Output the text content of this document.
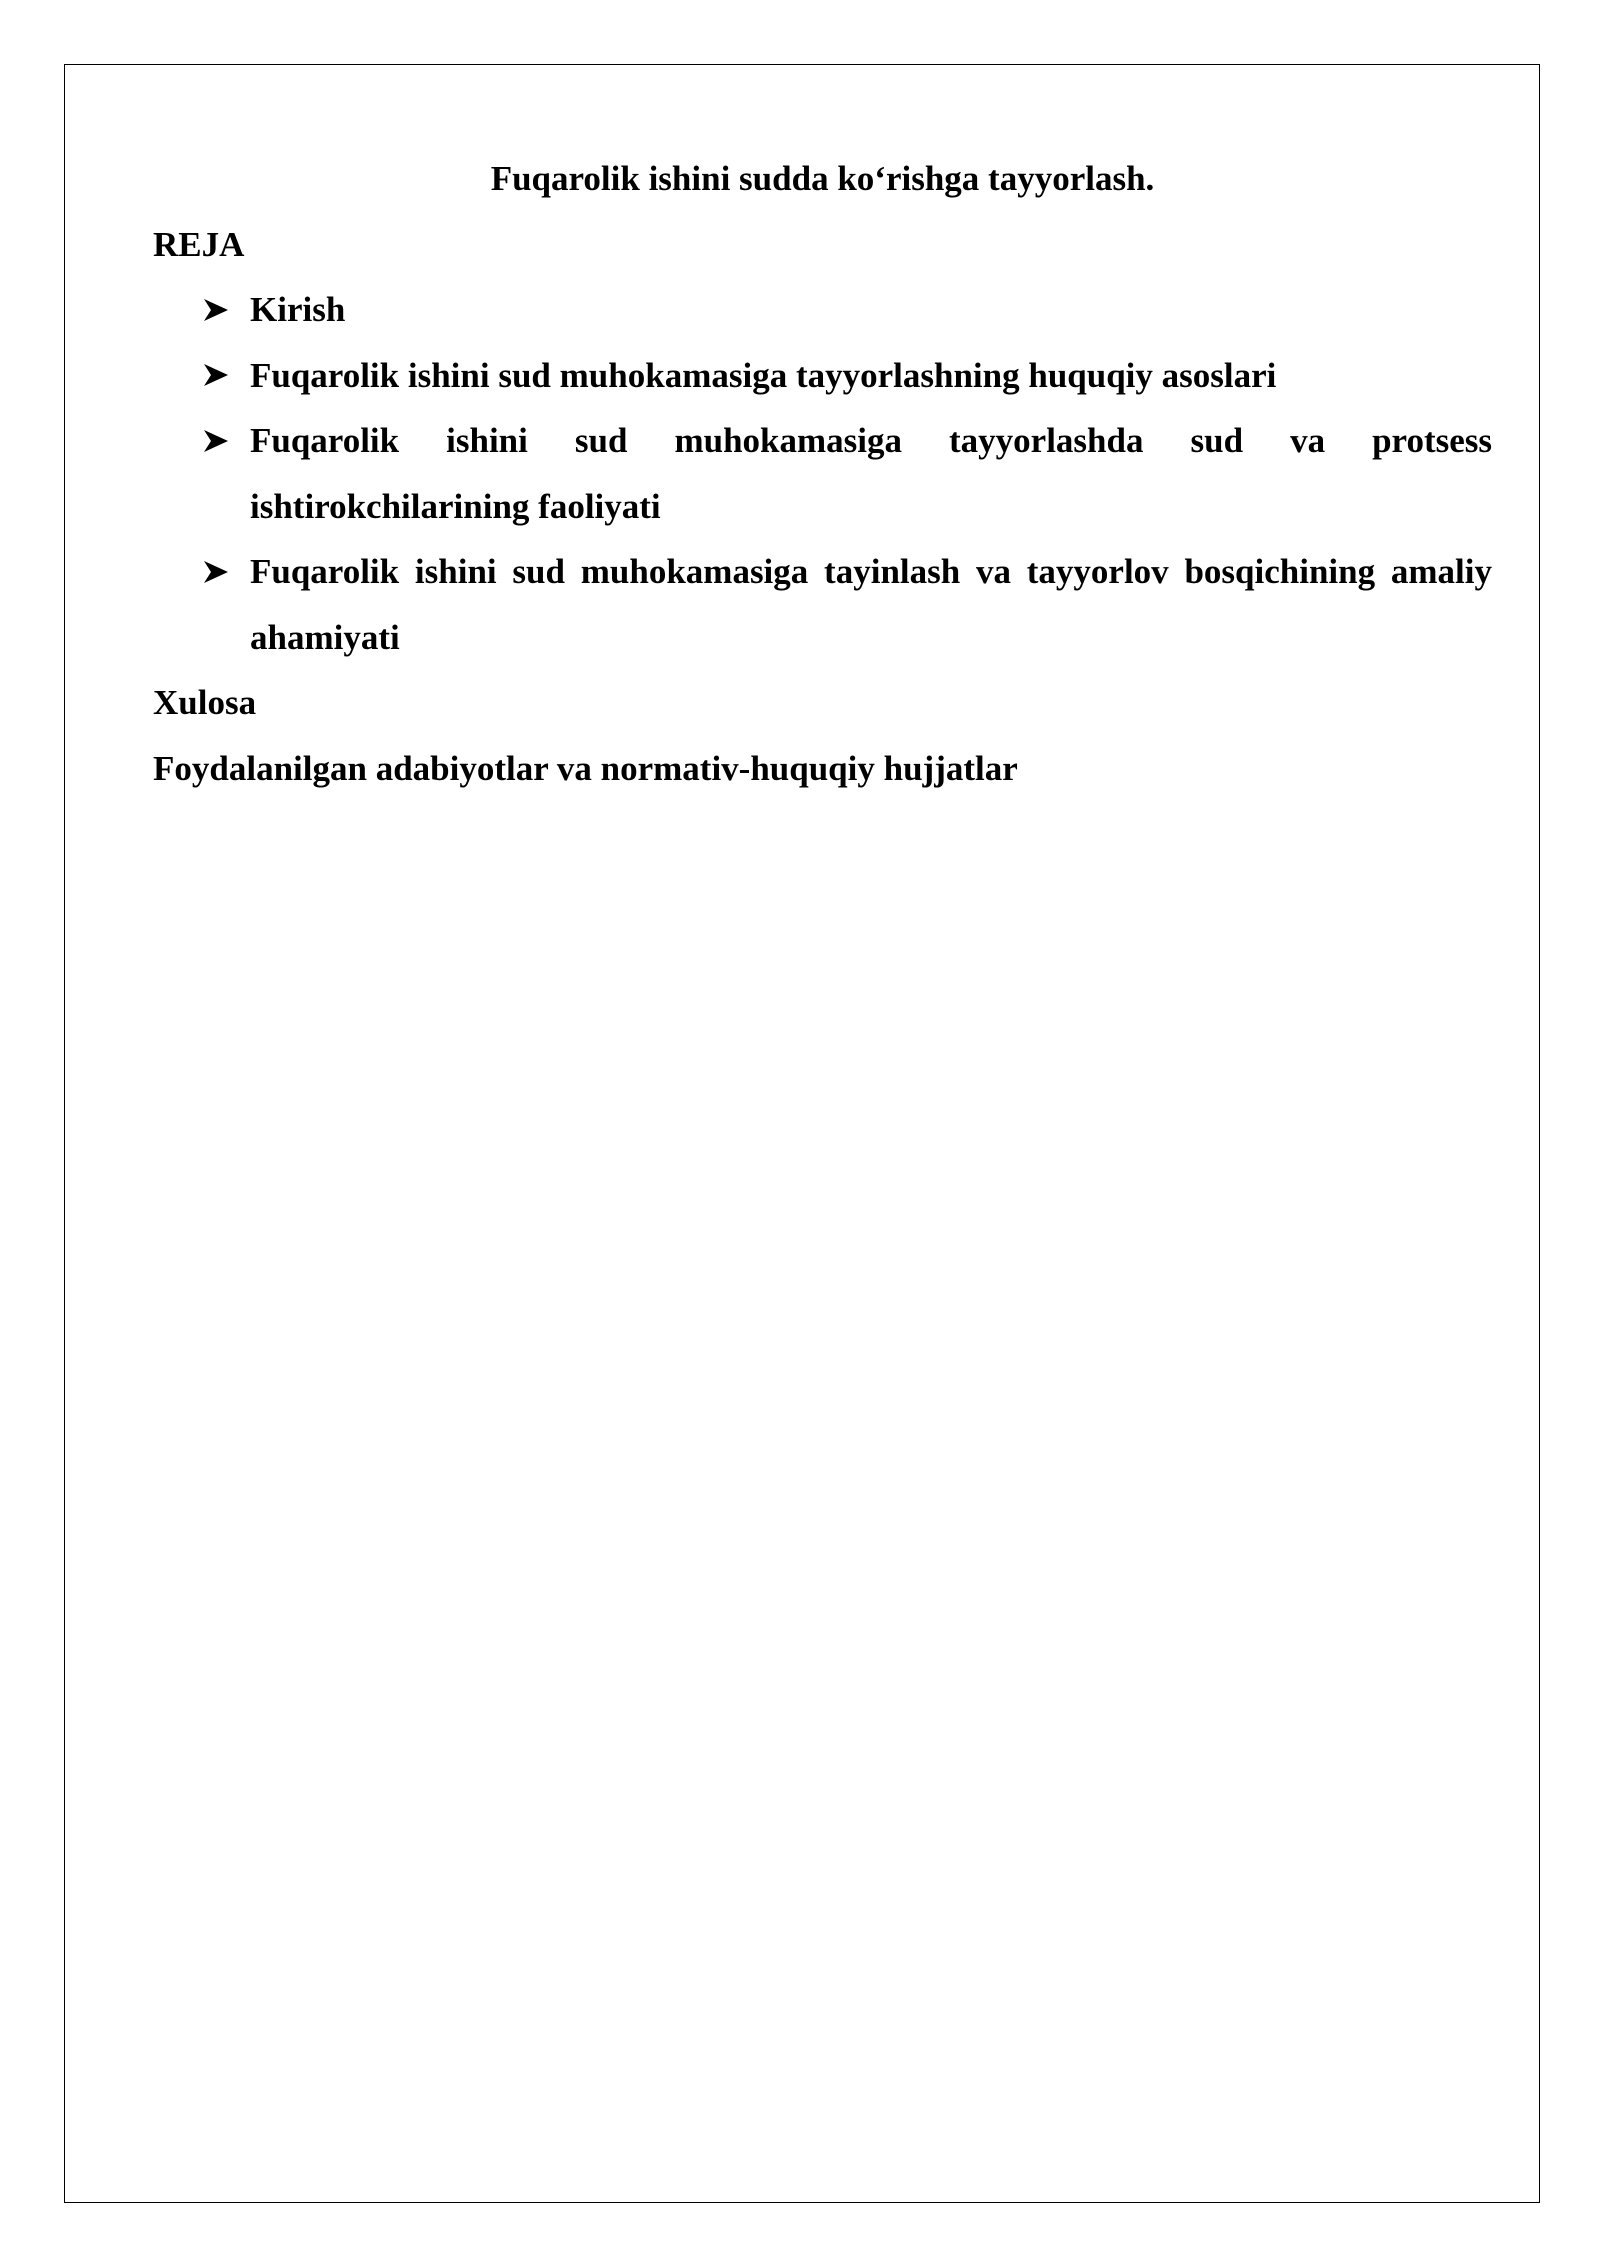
Fuqarolik ishini sudda ko‘rishga tayyorlash.

REJA

Kirish
Fuqarolik ishini sud muhokamasiga tayyorlashning huquqiy asoslari
Fuqarolik ishini sud muhokamasiga tayyorlashda sud va protsess ishtirokchilarining faoliyati
Fuqarolik ishini sud muhokamasiga tayinlash va tayyorlov bosqichining amaliy ahamiyati

Xulosa

Foydalanilgan adabiyotlar va normativ-huquqiy hujjatlar
